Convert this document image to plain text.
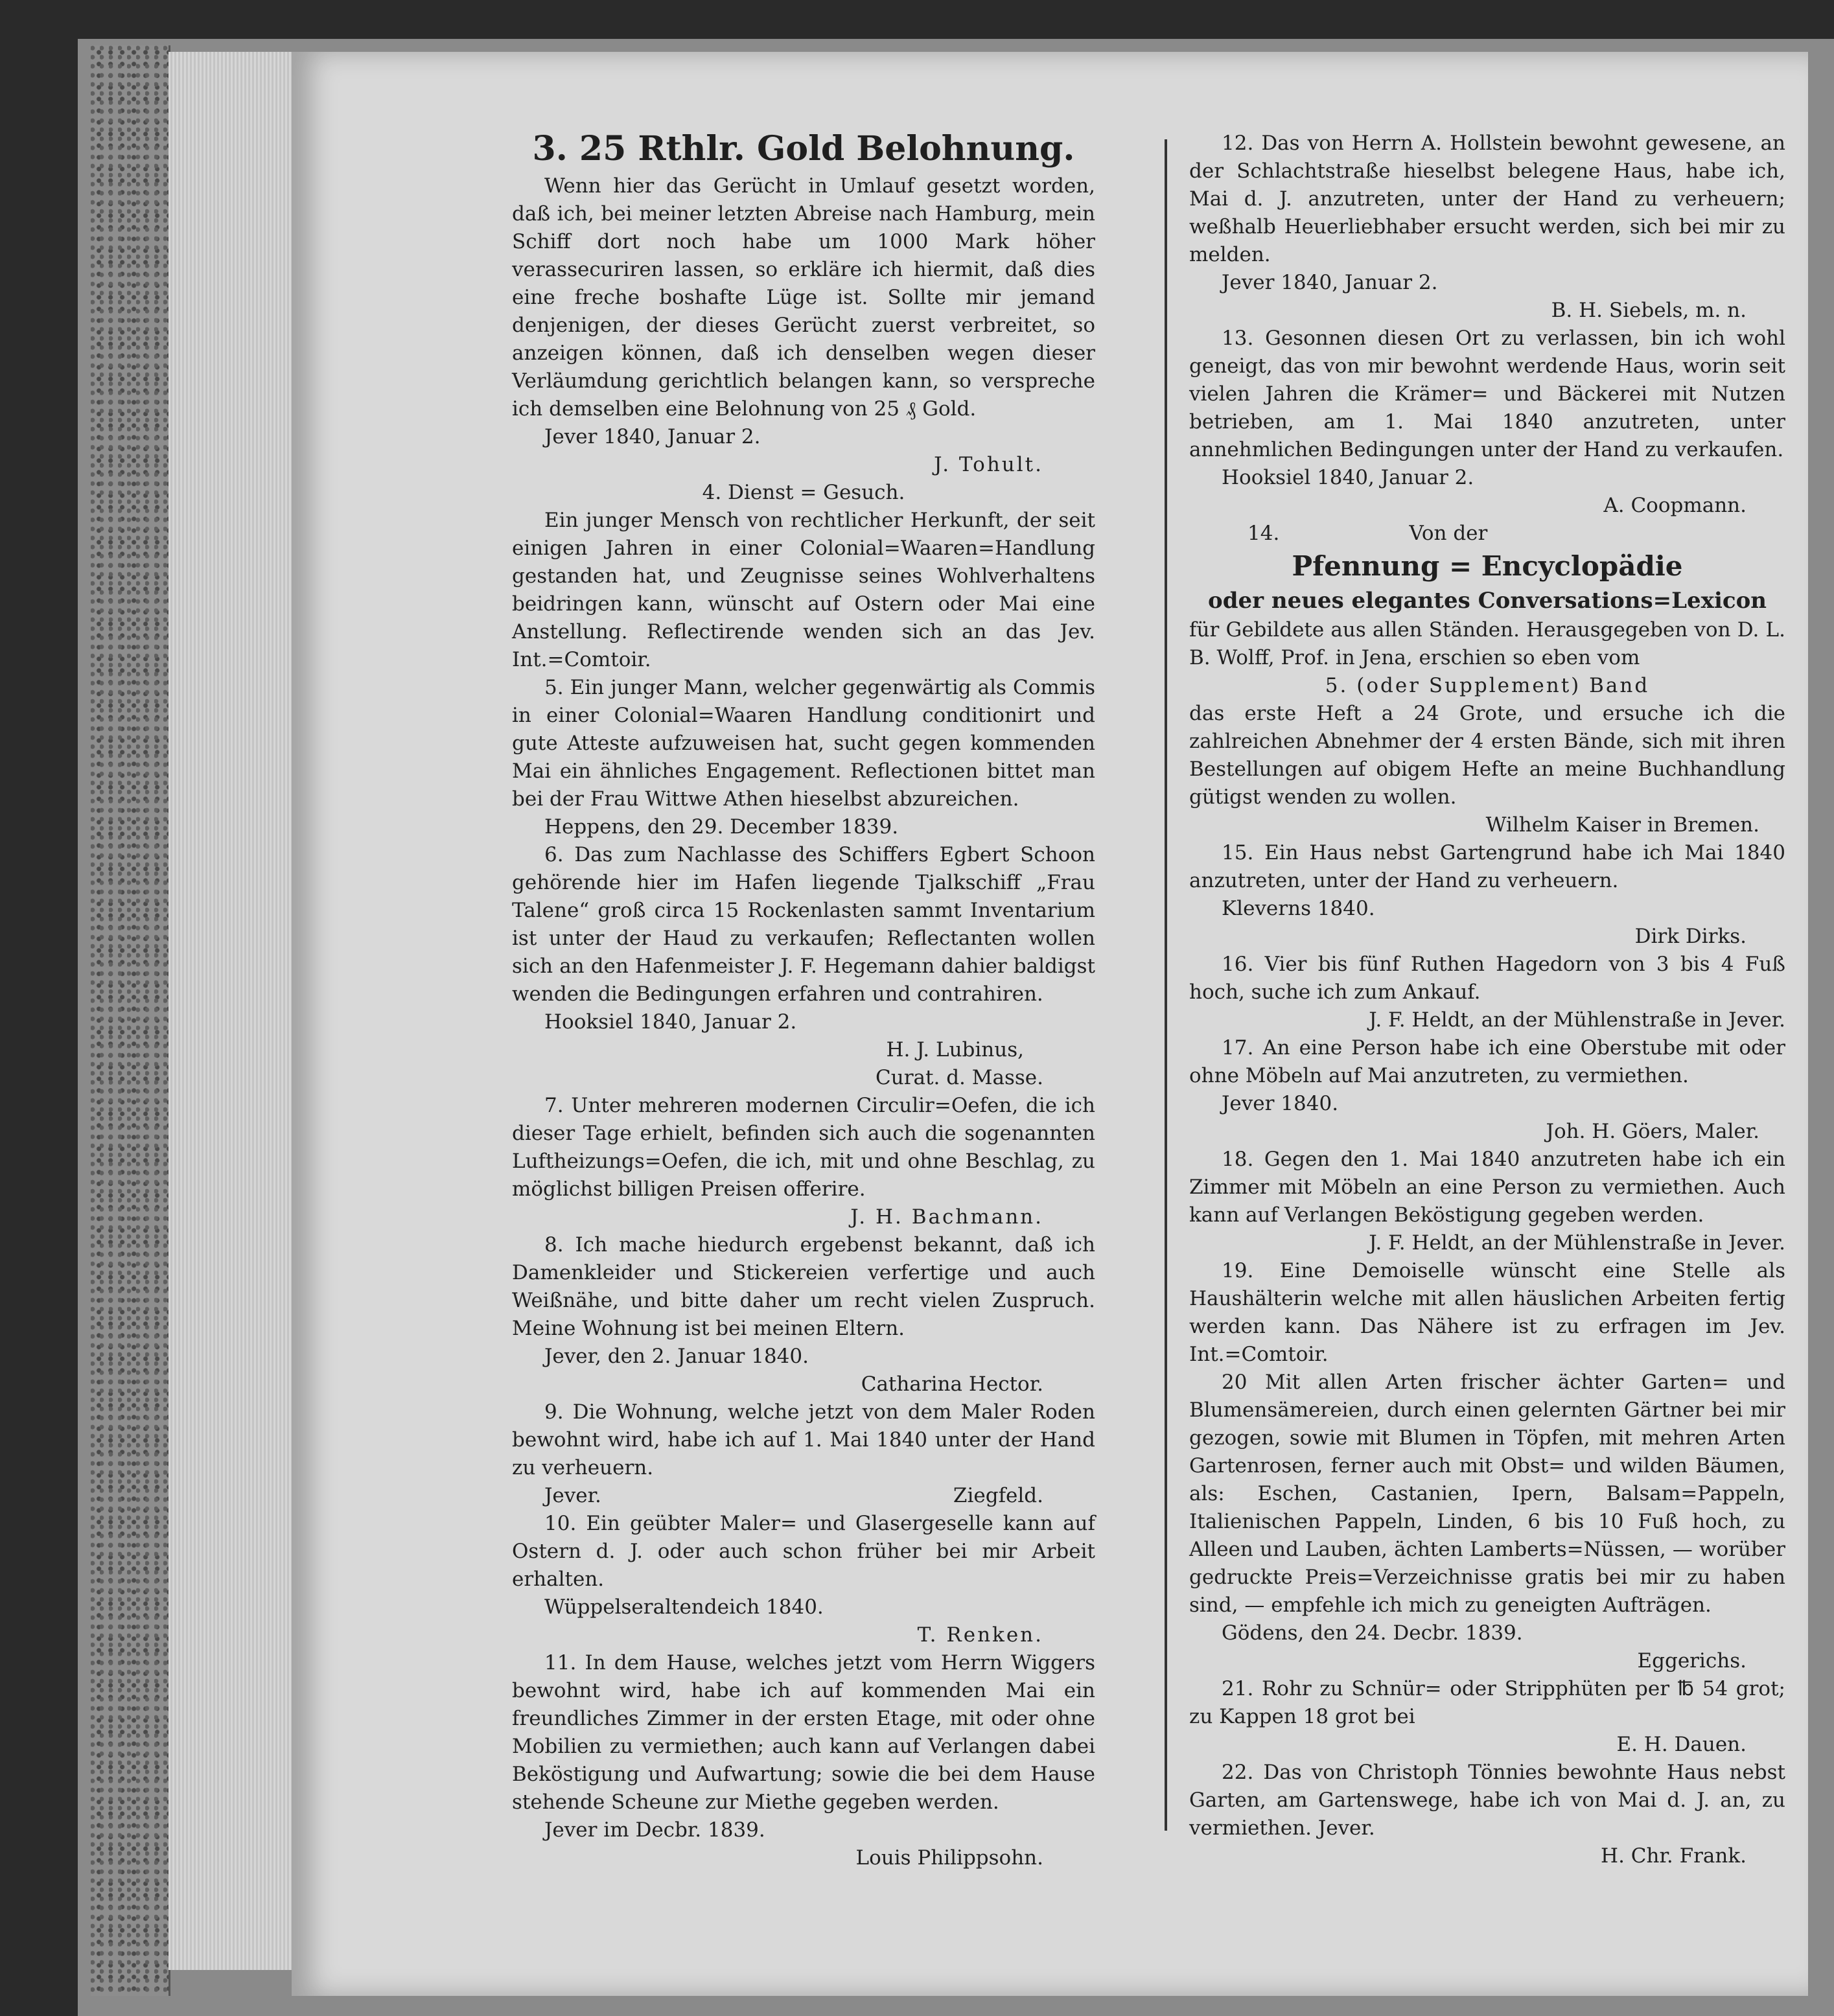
3. 25 Rthlr. Gold Belohnung.

Wenn hier das Gerücht in Umlauf gesetzt worden, daß ich, bei meiner letzten Abreise nach Hamburg, mein Schiff dort noch habe um 1000 Mark höher verassecuriren lassen, so erkläre ich hiermit, daß dies eine freche boshafte Lüge ist. Sollte mir jemand denjenigen, der dieses Gerücht zuerst verbreitet, so anzeigen können, daß ich denselben wegen dieser Verläumdung gerichtlich belangen kann, so verspreche ich demselben eine Belohnung von 25 ₰ Gold.

Jever 1840, Januar 2.

J. Tohult.

4. Dienst = Gesuch.

Ein junger Mensch von rechtlicher Herkunft, der seit einigen Jahren in einer Colonial=Waaren=Handlung gestanden hat, und Zeugnisse seines Wohlverhaltens beidringen kann, wünscht auf Ostern oder Mai eine Anstellung. Reflectirende wenden sich an das Jev. Int.=Comtoir.

5. Ein junger Mann, welcher gegenwärtig als Commis in einer Colonial=Waaren Handlung conditionirt und gute Atteste aufzuweisen hat, sucht gegen kommenden Mai ein ähnliches Engagement. Reflectionen bittet man bei der Frau Wittwe Athen hieselbst abzureichen.

Heppens, den 29. December 1839.

6. Das zum Nachlasse des Schiffers Egbert Schoon gehörende hier im Hafen liegende Tjalkschiff „Frau Talene“ groß circa 15 Rockenlasten sammt Inventarium ist unter der Haud zu verkaufen; Reflectanten wollen sich an den Hafenmeister J. F. Hegemann dahier baldigst wenden die Bedingungen erfahren und contrahiren.

Hooksiel 1840, Januar 2.

H. J. Lubinus,

Curat. d. Masse.

7. Unter mehreren modernen Circulir=Oefen, die ich dieser Tage erhielt, befinden sich auch die sogenannten Luftheizungs=Oefen, die ich, mit und ohne Beschlag, zu möglichst billigen Preisen offerire.

J. H. Bachmann.

8. Ich mache hiedurch ergebenst bekannt, daß ich Damenkleider und Stickereien verfertige und auch Weißnähe, und bitte daher um recht vielen Zuspruch. Meine Wohnung ist bei meinen Eltern.

Jever, den 2. Januar 1840.

Catharina Hector.

9. Die Wohnung, welche jetzt von dem Maler Roden bewohnt wird, habe ich auf 1. Mai 1840 unter der Hand zu verheuern.

Jever.	Ziegfeld.

10. Ein geübter Maler= und Glasergeselle kann auf Ostern d. J. oder auch schon früher bei mir Arbeit erhalten.

Wüppelseraltendeich 1840.

T. Renken.

11. In dem Hause, welches jetzt vom Herrn Wiggers bewohnt wird, habe ich auf kommenden Mai ein freundliches Zimmer in der ersten Etage, mit oder ohne Mobilien zu vermiethen; auch kann auf Verlangen dabei Beköstigung und Aufwartung; sowie die bei dem Hause stehende Scheune zur Miethe gegeben werden.

Jever im Decbr. 1839.

Louis Philippsohn.

12. Das von Herrn A. Hollstein bewohnt gewesene, an der Schlachtstraße hieselbst belegene Haus, habe ich, Mai d. J. anzutreten, unter der Hand zu verheuern; weßhalb Heuerliebhaber ersucht werden, sich bei mir zu melden.

Jever 1840, Januar 2.

B. H. Siebels, m. n.

13. Gesonnen diesen Ort zu verlassen, bin ich wohl geneigt, das von mir bewohnt werdende Haus, worin seit vielen Jahren die Krämer= und Bäckerei mit Nutzen betrieben, am 1. Mai 1840 anzutreten, unter annehmlichen Bedingungen unter der Hand zu verkaufen.

Hooksiel 1840, Januar 2.

A. Coopmann.

14.	Von der

Pfennung = Encyclopädie

oder neues elegantes Conversations=Lexicon

für Gebildete aus allen Ständen. Herausgegeben von D. L. B. Wolff, Prof. in Jena, erschien so eben vom

5. (oder Supplement) Band

das erste Heft a 24 Grote, und ersuche ich die zahlreichen Abnehmer der 4 ersten Bände, sich mit ihren Bestellungen auf obigem Hefte an meine Buchhandlung gütigst wenden zu wollen.

Wilhelm Kaiser in Bremen.

15. Ein Haus nebst Gartengrund habe ich Mai 1840 anzutreten, unter der Hand zu verheuern.

Kleverns 1840.

Dirk Dirks.

16. Vier bis fünf Ruthen Hagedorn von 3 bis 4 Fuß hoch, suche ich zum Ankauf.

J. F. Heldt, an der Mühlenstraße in Jever.

17. An eine Person habe ich eine Oberstube mit oder ohne Möbeln auf Mai anzutreten, zu vermiethen.

Jever 1840.

Joh. H. Göers, Maler.

18. Gegen den 1. Mai 1840 anzutreten habe ich ein Zimmer mit Möbeln an eine Person zu vermiethen. Auch kann auf Verlangen Beköstigung gegeben werden.

J. F. Heldt, an der Mühlenstraße in Jever.

19. Eine Demoiselle wünscht eine Stelle als Haushälterin welche mit allen häuslichen Arbeiten fertig werden kann. Das Nähere ist zu erfragen im Jev. Int.=Comtoir.

20 Mit allen Arten frischer ächter Garten= und Blumensämereien, durch einen gelernten Gärtner bei mir gezogen, sowie mit Blumen in Töpfen, mit mehren Arten Gartenrosen, ferner auch mit Obst= und wilden Bäumen, als: Eschen, Castanien, Ipern, Balsam=Pappeln, Italienischen Pappeln, Linden, 6 bis 10 Fuß hoch, zu Alleen und Lauben, ächten Lamberts=Nüssen, — worüber gedruckte Preis=Verzeichnisse gratis bei mir zu haben sind, — empfehle ich mich zu geneigten Aufträgen.

Gödens, den 24. Decbr. 1839.

Eggerichs.

21. Rohr zu Schnür= oder Stripphüten per ℔ 54 grot; zu Kappen 18 grot bei

E. H. Dauen.

22. Das von Christoph Tönnies bewohnte Haus nebst Garten, am Gartenswege, habe ich von Mai d. J. an, zu vermiethen. Jever.

H. Chr. Frank.
